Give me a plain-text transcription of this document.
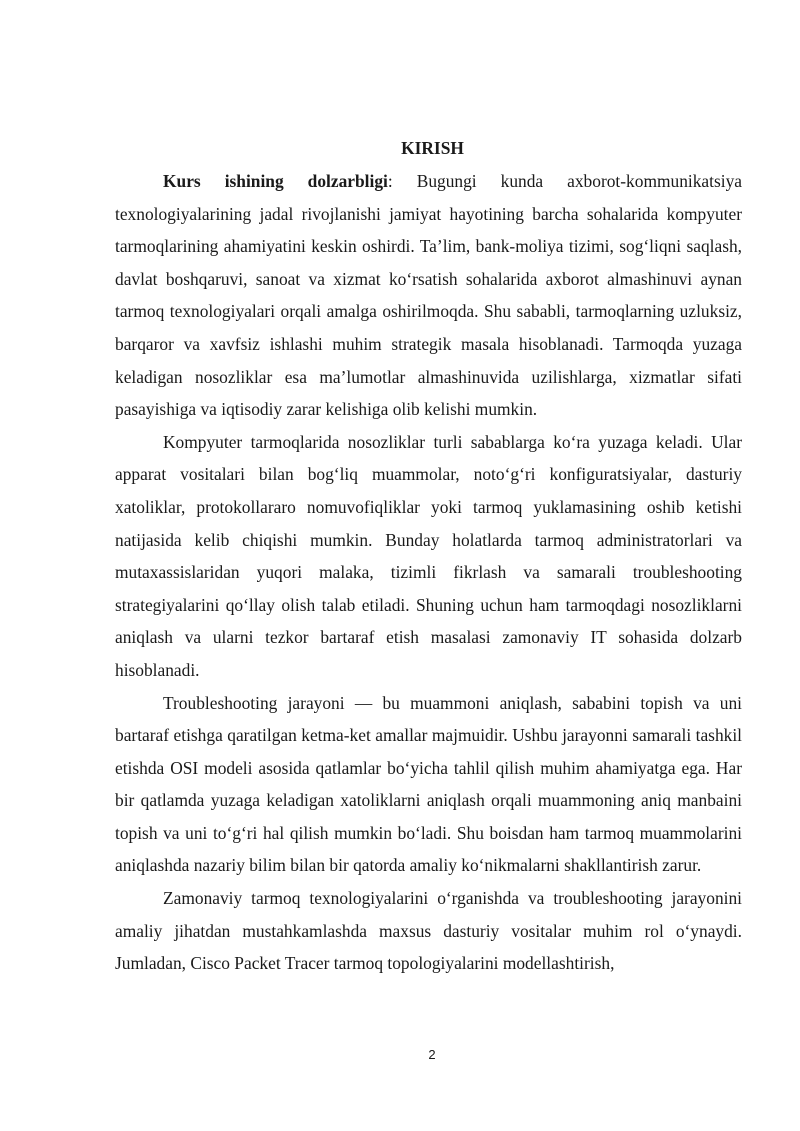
KIRISH

Kurs ishining dolzarbligi: Bugungi kunda axborot-kommunikatsiya texnologiyalarining jadal rivojlanishi jamiyat hayotining barcha sohalarida kompyuter tarmoqlarining ahamiyatini keskin oshirdi. Ta’lim, bank-moliya tizimi, sog‘liqni saqlash, davlat boshqaruvi, sanoat va xizmat ko‘rsatish sohalarida axborot almashinuvi aynan tarmoq texnologiyalari orqali amalga oshirilmoqda. Shu sababli, tarmoqlarning uzluksiz, barqaror va xavfsiz ishlashi muhim strategik masala hisoblanadi. Tarmoqda yuzaga keladigan nosozliklar esa ma’lumotlar almashinuvida uzilishlarga, xizmatlar sifati pasayishiga va iqtisodiy zarar kelishiga olib kelishi mumkin.

Kompyuter tarmoqlarida nosozliklar turli sabablarga ko‘ra yuzaga keladi. Ular apparat vositalari bilan bog‘liq muammolar, noto‘g‘ri konfiguratsiyalar, dasturiy xatoliklar, protokollararo nomuvofiqliklar yoki tarmoq yuklamasining oshib ketishi natijasida kelib chiqishi mumkin. Bunday holatlarda tarmoq administratorlari va mutaxassislaridan yuqori malaka, tizimli fikrlash va samarali troubleshooting strategiyalarini qo‘llay olish talab etiladi. Shuning uchun ham tarmoqdagi nosozliklarni aniqlash va ularni tezkor bartaraf etish masalasi zamonaviy IT sohasida dolzarb hisoblanadi.

Troubleshooting jarayoni — bu muammoni aniqlash, sababini topish va uni bartaraf etishga qaratilgan ketma-ket amallar majmuidir. Ushbu jarayonni samarali tashkil etishda OSI modeli asosida qatlamlar bo‘yicha tahlil qilish muhim ahamiyatga ega. Har bir qatlamda yuzaga keladigan xatoliklarni aniqlash orqali muammoning aniq manbaini topish va uni to‘g‘ri hal qilish mumkin bo‘ladi. Shu boisdan ham tarmoq muammolarini aniqlashda nazariy bilim bilan bir qatorda amaliy ko‘nikmalarni shakllantirish zarur.

Zamonaviy tarmoq texnologiyalarini o‘rganishda va troubleshooting jarayonini amaliy jihatdan mustahkamlashda maxsus dasturiy vositalar muhim rol o‘ynaydi. Jumladan, Cisco Packet Tracer tarmoq topologiyalarini modellashtirish,

2
